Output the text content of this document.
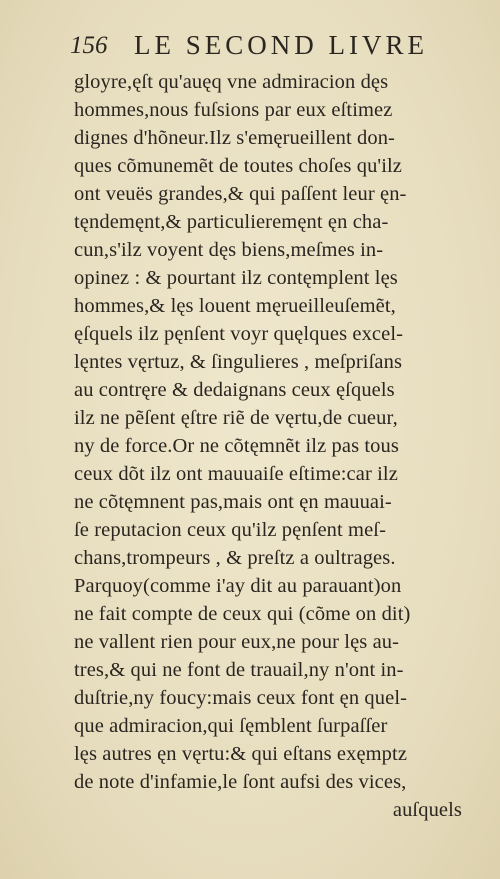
156 LE SECOND LIVRE
gloyre,ęſt qu'auęq vne admiracion dęs
hommes,nous fuſsions par eux eſtimez
dignes d'hõneur.Ilz s'emęrueillent don-
ques cõmunemẽt de toutes choſes qu'ilz
ont veuës grandes,& qui paſſent leur ęn-
tęndemęnt,& particulieremęnt ęn cha-
cun,s'ilz voyent dęs biens,meſmes in-
opinez : & pourtant ilz contęmplent lęs
hommes,& lęs louent męrueilleuſemẽt,
ęſquels ilz pęnſent voyr quęlques excel-
lęntes vęrtuz, & ſingulieres , meſpriſans
au contręre & dedaignans ceux ęſquels
ilz ne pẽſent ęſtre riẽ de vęrtu,de cueur,
ny de force.Or ne cõtęmnẽt ilz pas tous
ceux dõt ilz ont mauuaiſe eſtime:car ilz
ne cõtęmnent pas,mais ont ęn mauuai-
ſe reputacion ceux qu'ilz pęnſent meſ-
chans,trompeurs , & preſtz a oultrages.
Parquoy(comme i'ay dit au parauant)on
ne fait compte de ceux qui (cõme on dit)
ne vallent rien pour eux,ne pour lęs au-
tres,& qui ne font de trauail,ny n'ont in-
duſtrie,ny foucy:mais ceux font ęn quel-
que admiracion,qui ſęmblent ſurpaſſer
lęs autres ęn vęrtu:& qui eſtans exęmptz
de note d'infamie,le ſont aufsi des vices,
auſquels
